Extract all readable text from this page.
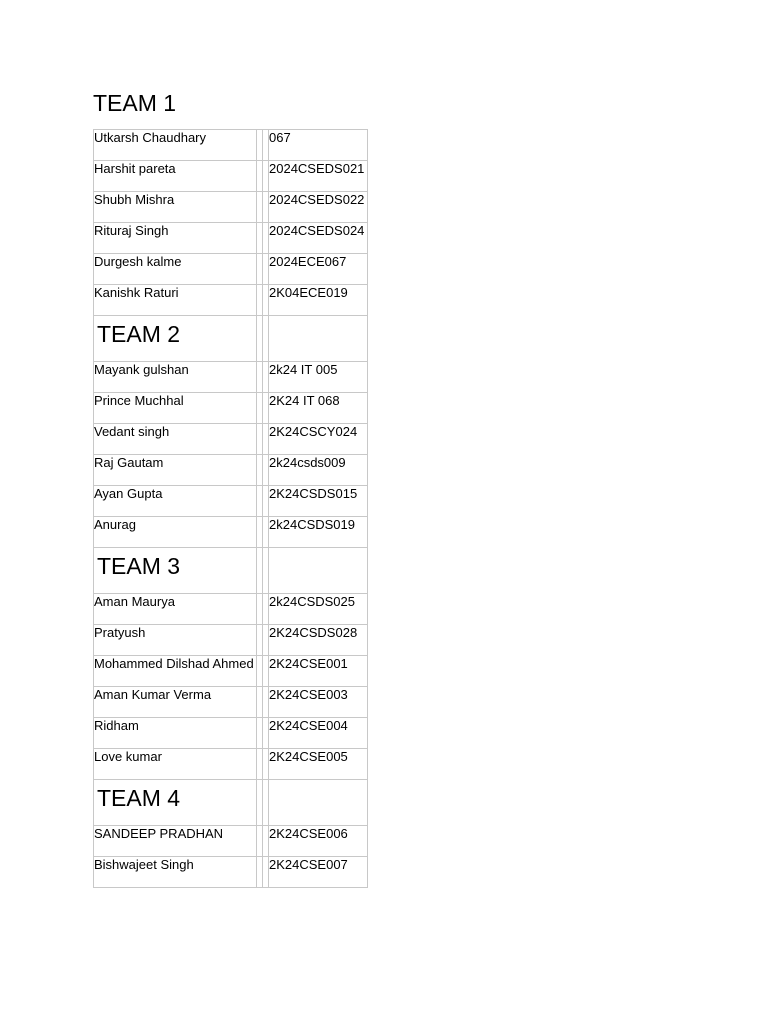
TEAM 1
Utkarsh Chaudhary			067
Harshit pareta			2024CSEDS021
Shubh Mishra			2024CSEDS022
Rituraj Singh			2024CSEDS024
Durgesh kalme			2024ECE067
Kanishk Raturi			2K04ECE019
TEAM 2			
Mayank gulshan			2k24 IT 005
Prince Muchhal			2K24 IT 068
Vedant singh			2K24CSCY024
Raj Gautam			2k24csds009
Ayan Gupta			2K24CSDS015
Anurag			2k24CSDS019
TEAM 3			
Aman Maurya			2k24CSDS025
Pratyush			2K24CSDS028
Mohammed Dilshad Ahmed			2K24CSE001
Aman Kumar Verma			2K24CSE003
Ridham			2K24CSE004
Love kumar			2K24CSE005
TEAM 4			
SANDEEP PRADHAN			2K24CSE006
Bishwajeet Singh			2K24CSE007
